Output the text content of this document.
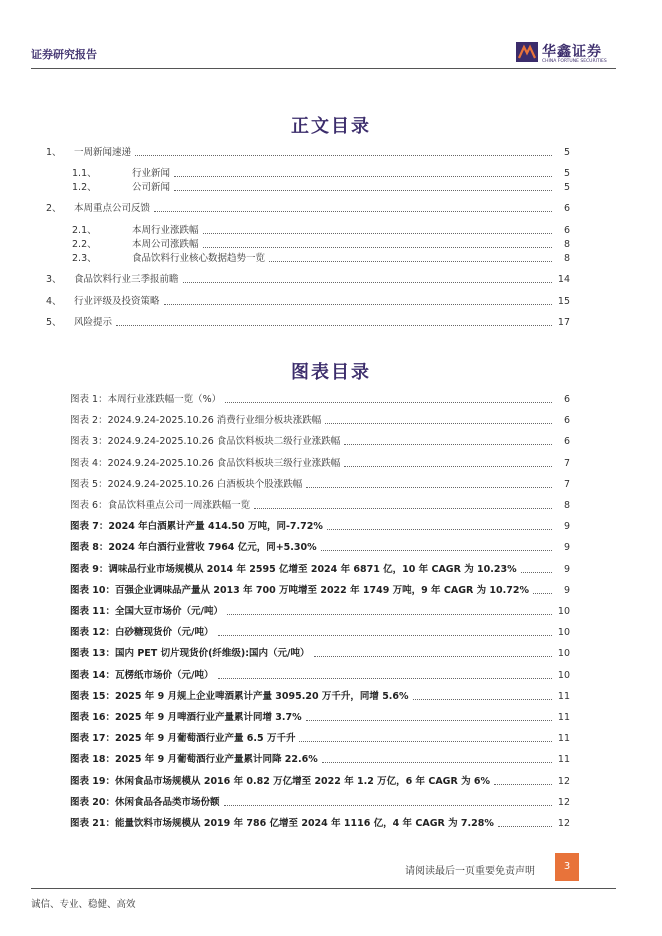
证券研究报告	华鑫证券
CHINA FORTUNE SECURITIES
正文目录
1、	一周新闻速递	5
1.1、	行业新闻	5
1.2、	公司新闻	5
2、	本周重点公司反馈	6
2.1、	本周行业涨跌幅	6
2.2、	本周公司涨跌幅	8
2.3、	食品饮料行业核心数据趋势一览	8
3、	食品饮料行业三季报前瞻	14
4、	行业评级及投资策略	15
5、	风险提示	17
图表目录
图表 1：本周行业涨跌幅一览（%）	6
图表 2：2024.9.24-2025.10.26 消费行业细分板块涨跌幅	6
图表 3：2024.9.24-2025.10.26 食品饮料板块二级行业涨跌幅	6
图表 4：2024.9.24-2025.10.26 食品饮料板块三级行业涨跌幅	7
图表 5：2024.9.24-2025.10.26 白酒板块个股涨跌幅	7
图表 6：食品饮料重点公司一周涨跌幅一览	8
图表 7：2024 年白酒累计产量 414.50 万吨，同-7.72%	9
图表 8：2024 年白酒行业营收 7964 亿元，同+5.30%	9
图表 9：调味品行业市场规模从 2014 年 2595 亿增至 2024 年 6871 亿，10 年 CAGR 为 10.23%	9
图表 10：百强企业调味品产量从 2013 年 700 万吨增至 2022 年 1749 万吨，9 年 CAGR 为 10.72%	9
图表 11：全国大豆市场价（元/吨）	10
图表 12：白砂糖现货价（元/吨）	10
图表 13：国内 PET 切片现货价(纤维级):国内（元/吨）	10
图表 14：瓦楞纸市场价（元/吨）	10
图表 15：2025 年 9 月规上企业啤酒累计产量 3095.20 万千升，同增 5.6%	11
图表 16：2025 年 9 月啤酒行业产量累计同增 3.7%	11
图表 17：2025 年 9 月葡萄酒行业产量 6.5 万千升	11
图表 18：2025 年 9 月葡萄酒行业产量累计同降 22.6%	11
图表 19：休闲食品市场规模从 2016 年 0.82 万亿增至 2022 年 1.2 万亿，6 年 CAGR 为 6%	12
图表 20：休闲食品各品类市场份额	12
图表 21：能量饮料市场规模从 2019 年 786 亿增至 2024 年 1116 亿，4 年 CAGR 为 7.28%	12
请阅读最后一页重要免责声明	3
诚信、专业、稳健、高效
